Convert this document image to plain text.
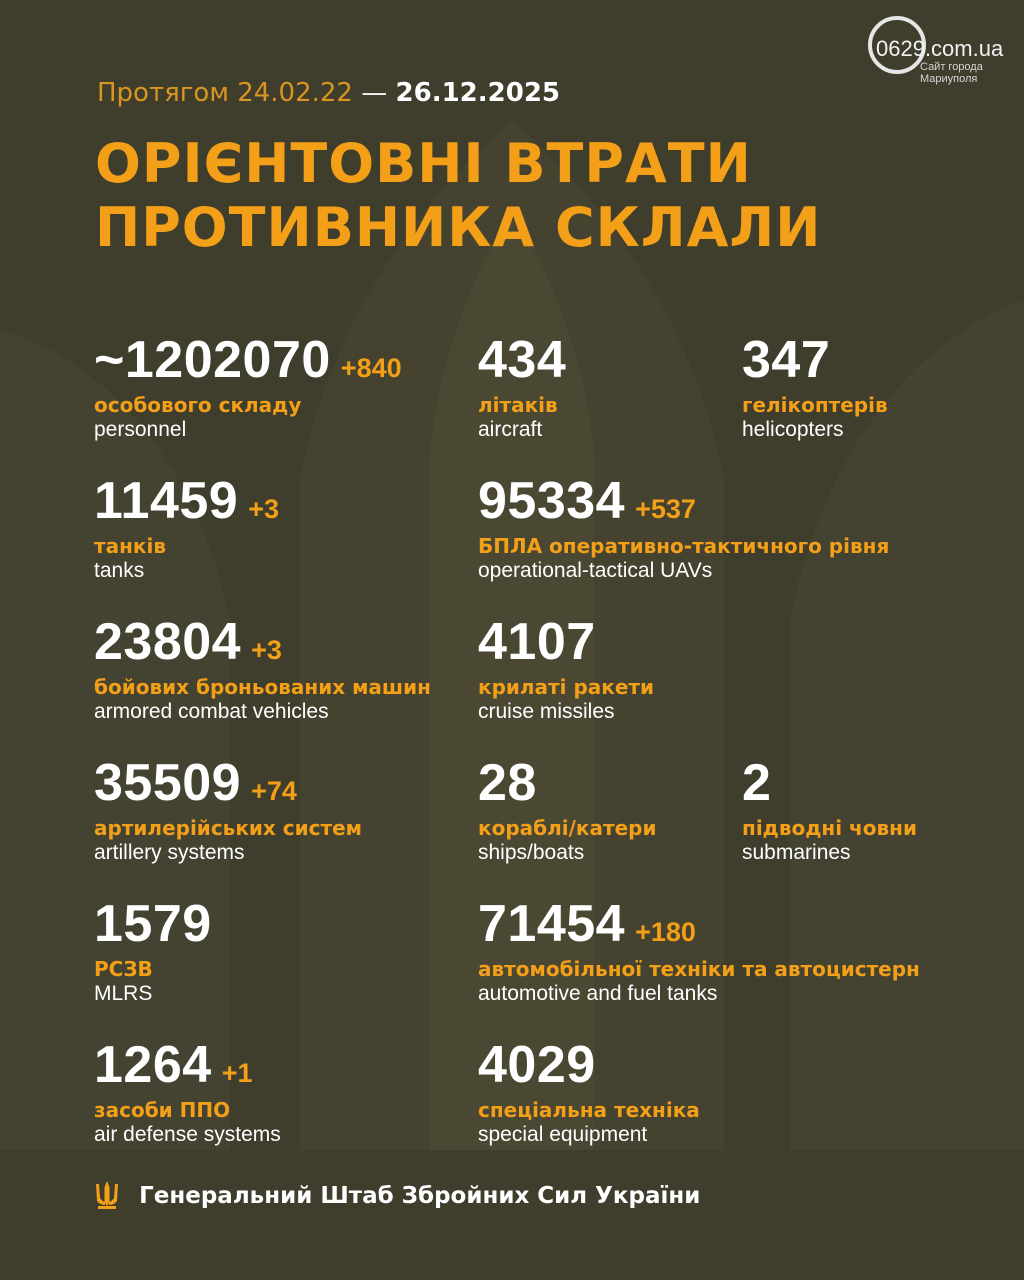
0629.com.ua
Сайт города
Мариуполя
Протягом 24.02.22 — 26.12.2025
ОРІЄНТОВНІ ВТРАТИ
ПРОТИВНИКА СКЛАЛИ
~1202070 +840
особового складу
personnel
434
літаків
aircraft
347
гелікоптерів
helicopters
11459 +3
танків
tanks
95334 +537
БПЛА оперативно-тактичного рівня
operational-tactical UAVs
23804 +3
бойових броньованих машин
armored combat vehicles
4107
крилаті ракети
cruise missiles
35509 +74
артилерійських систем
artillery systems
28
кораблі/катери
ships/boats
2
підводні човни
submarines
1579
РСЗВ
MLRS
71454 +180
автомобільної техніки та автоцистерн
automotive and fuel tanks
1264 +1
засоби ППО
air defense systems
4029
спеціальна техніка
special equipment
Генеральний Штаб Збройних Сил України
